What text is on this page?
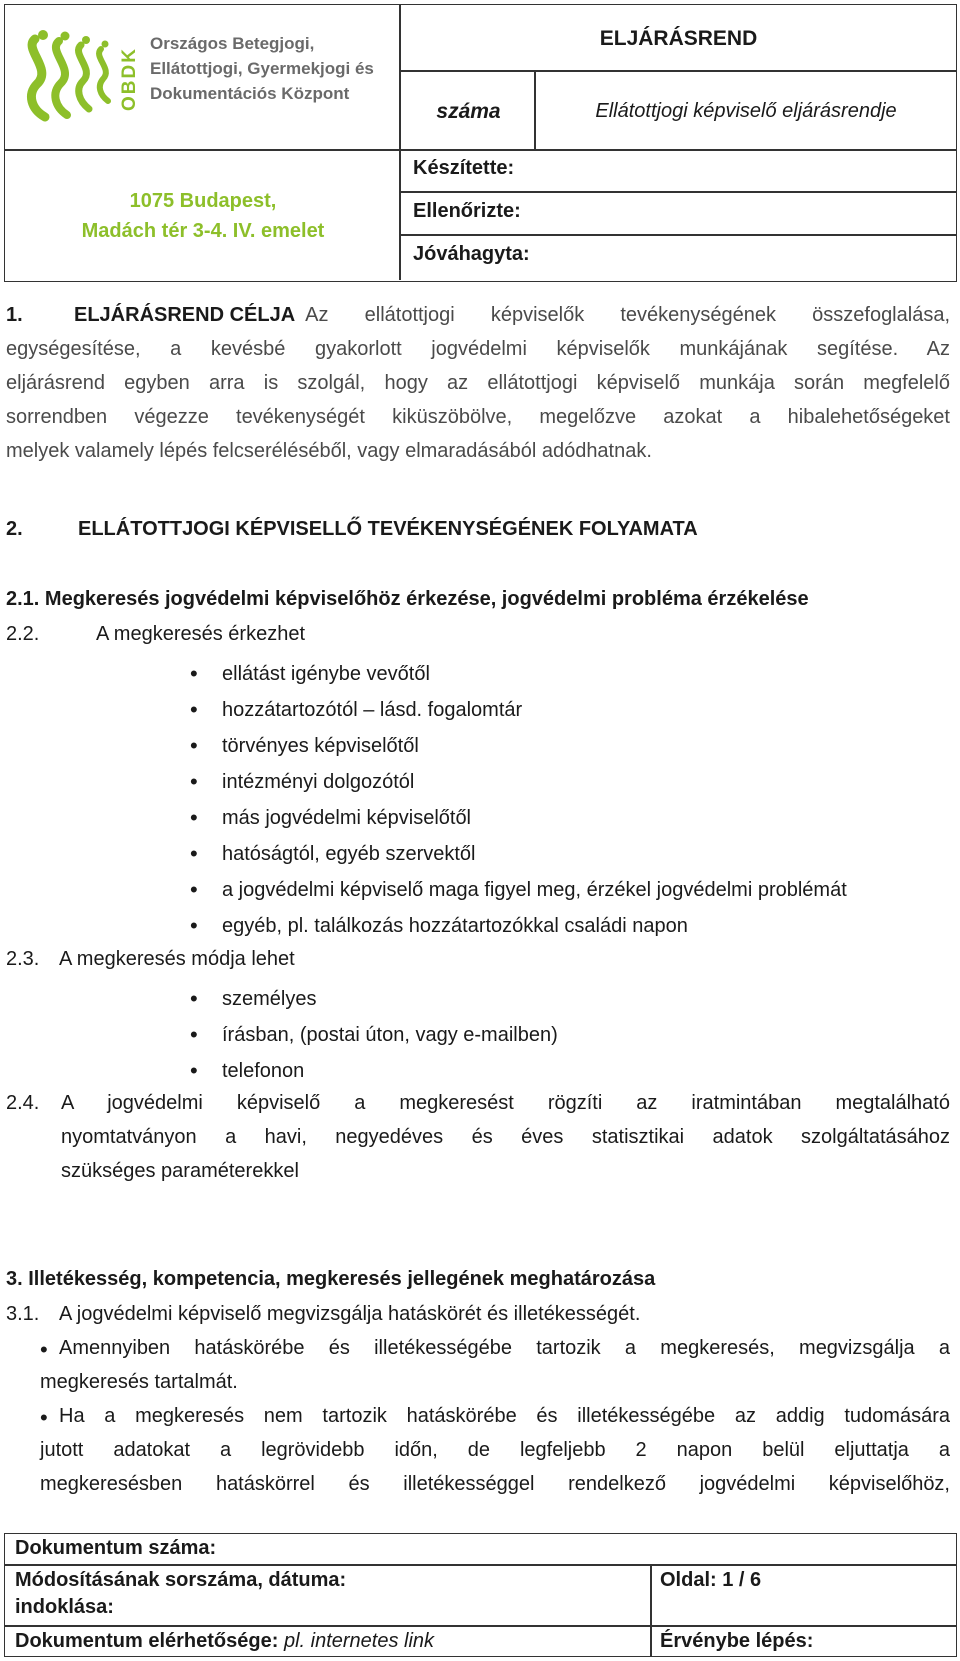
OBDK
Országos Betegjogi,
Ellátottjogi, Gyermekjogi és
Dokumentációs Központ
1075 Budapest,
Madách tér 3-4. IV. emelet
ELJÁRÁSREND
száma	Ellátottjogi képviselő eljárásrendje
Készítette:
Ellenőrizte:
Jóváhagyta:
1.	ELJÁRÁSREND CÉLJA Az ellátottjogi képviselők tevékenységének összefoglalása,
egységesítése, a kevésbé gyakorlott jogvédelmi képviselők munkájának segítése. Az
eljárásrend egyben arra is szolgál, hogy az ellátottjogi képviselő munkája során megfelelő
sorrendben végezze tevékenységét kiküszöbölve, megelőzve azokat a hibalehetőségeket
melyek valamely lépés felcseréléséből, vagy elmaradásából adódhatnak.
2.	ELLÁTOTTJOGI KÉPVISELLŐ TEVÉKENYSÉGÉNEK FOLYAMATA
2.1. Megkeresés jogvédelmi képviselőhöz érkezése, jogvédelmi probléma érzékelése
2.2.	A megkeresés érkezhet
• ellátást igénybe vevőtől
• hozzátartozótól – lásd. fogalomtár
• törvényes képviselőtől
• intézményi dolgozótól
• más jogvédelmi képviselőtől
• hatóságtól, egyéb szervektől
• a jogvédelmi képviselő maga figyel meg, érzékel jogvédelmi problémát
• egyéb, pl. találkozás hozzátartozókkal családi napon
2.3. A megkeresés módja lehet
• személyes
• írásban, (postai úton, vagy e-mailben)
• telefonon
2.4. A jogvédelmi képviselő a megkeresést rögzíti az iratmintában megtalálható
nyomtatványon a havi, negyedéves és éves statisztikai adatok szolgáltatásához
szükséges paraméterekkel
3. Illetékesség, kompetencia, megkeresés jellegének meghatározása
3.1. A jogvédelmi képviselő megvizsgálja hatáskörét és illetékességét.
• Amennyiben hatáskörébe és illetékességébe tartozik a megkeresés, megvizsgálja a
megkeresés tartalmát.
• Ha a megkeresés nem tartozik hatáskörébe és illetékességébe az addig tudomására
jutott adatokat a legrövidebb időn, de legfeljebb 2 napon belül eljuttatja a
megkeresésben hatáskörrel és illetékességgel rendelkező jogvédelmi képviselőhöz,
Dokumentum száma:
Módosításának sorszáma, dátuma:
indoklása:
Oldal: 1 / 6
Dokumentum elérhetősége: pl. internetes link	Érvénybe lépés:
